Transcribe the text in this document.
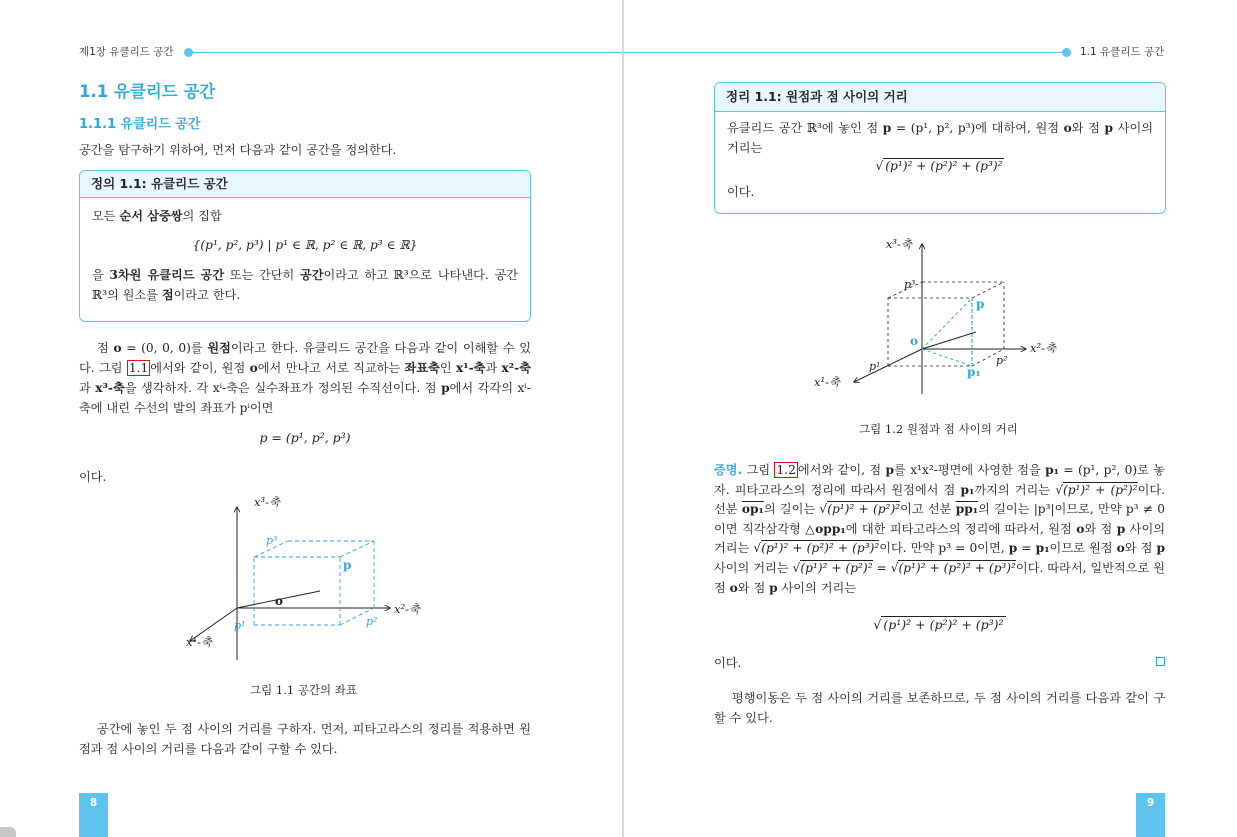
제1장 유클리드 공간
1.1 유클리드 공간
1.1.1 유클리드 공간
공간을 탐구하기 위하여, 먼저 다음과 같이 공간을 정의한다.
정의 1.1: 유클리드 공간
모든 순서 삼중쌍의 집합
{(p¹, p², p³) | p¹ ∈ ℝ, p² ∈ ℝ, p³ ∈ ℝ}
을 3차원 유클리드 공간 또는 간단히 공간이라고 하고 ℝ³으로 나타낸다. 공간 ℝ³의 원소를 점이라고 한다.
점 o = (0, 0, 0)를 원점이라고 한다. 유클리드 공간을 다음과 같이 이해할 수 있다. 그림 1.1 에서와 같이, 원점 o에서 만나고 서로 직교하는 좌표축인 x¹-축과 x²-축과 x³-축을 생각하자. 각 xⁱ-축은 실수좌표가 정의된 수직선이다. 점 p에서 각각의 xⁱ-축에 내린 수선의 발의 좌표가 pⁱ이면
p = (p¹, p², p³)
이다.
x³-축
x²-축
x¹-축
p³
p¹	p²
p
o
그림 1.1 공간의 좌표
공간에 놓인 두 점 사이의 거리를 구하자. 먼저, 피타고라스의 정리를 적용하면 원점과 점 사이의 거리를 다음과 같이 구할 수 있다.
8
1.1 유클리드 공간
정리 1.1: 원점과 점 사이의 거리
유클리드 공간 ℝ³에 놓인 점 p = (p¹, p², p³)에 대하여, 원점 o와 점 p 사이의 거리는
√ (p¹)² + (p²)² + (p³)²
이다.
x³-축
x²-축
x¹-축
p³
p¹	p²
p
p₁
o
그림 1.2 원점과 점 사이의 거리
증명. 그림 1.2 에서와 같이, 점 p를 x¹x²-평면에 사영한 점을 p₁ = (p¹, p², 0)로 놓자. 피타고라스의 정리에 따라서 원점에서 점 p₁까지의 거리는 √(p¹)² + (p²)²이다. 선분 op₁의 길이는 √(p¹)² + (p²)²이고 선분 pp₁의 길이는 |p³|이므로, 만약 p³ ≠ 0이면 직각삼각형 △opp₁에 대한 피타고라스의 정리에 따라서, 원점 o와 점 p 사이의 거리는 √(p¹)² + (p²)² + (p³)²이다. 만약 p³ = 0이면, p = p₁이므로 원점 o와 점 p 사이의 거리는 √(p¹)² + (p²)² = √(p¹)² + (p²)² + (p³)²이다. 따라서, 일반적으로 원점 o와 점 p 사이의 거리는
√ (p¹)² + (p²)² + (p³)²
이다.
평행이동은 두 점 사이의 거리를 보존하므로, 두 점 사이의 거리를 다음과 같이 구할 수 있다.
9
